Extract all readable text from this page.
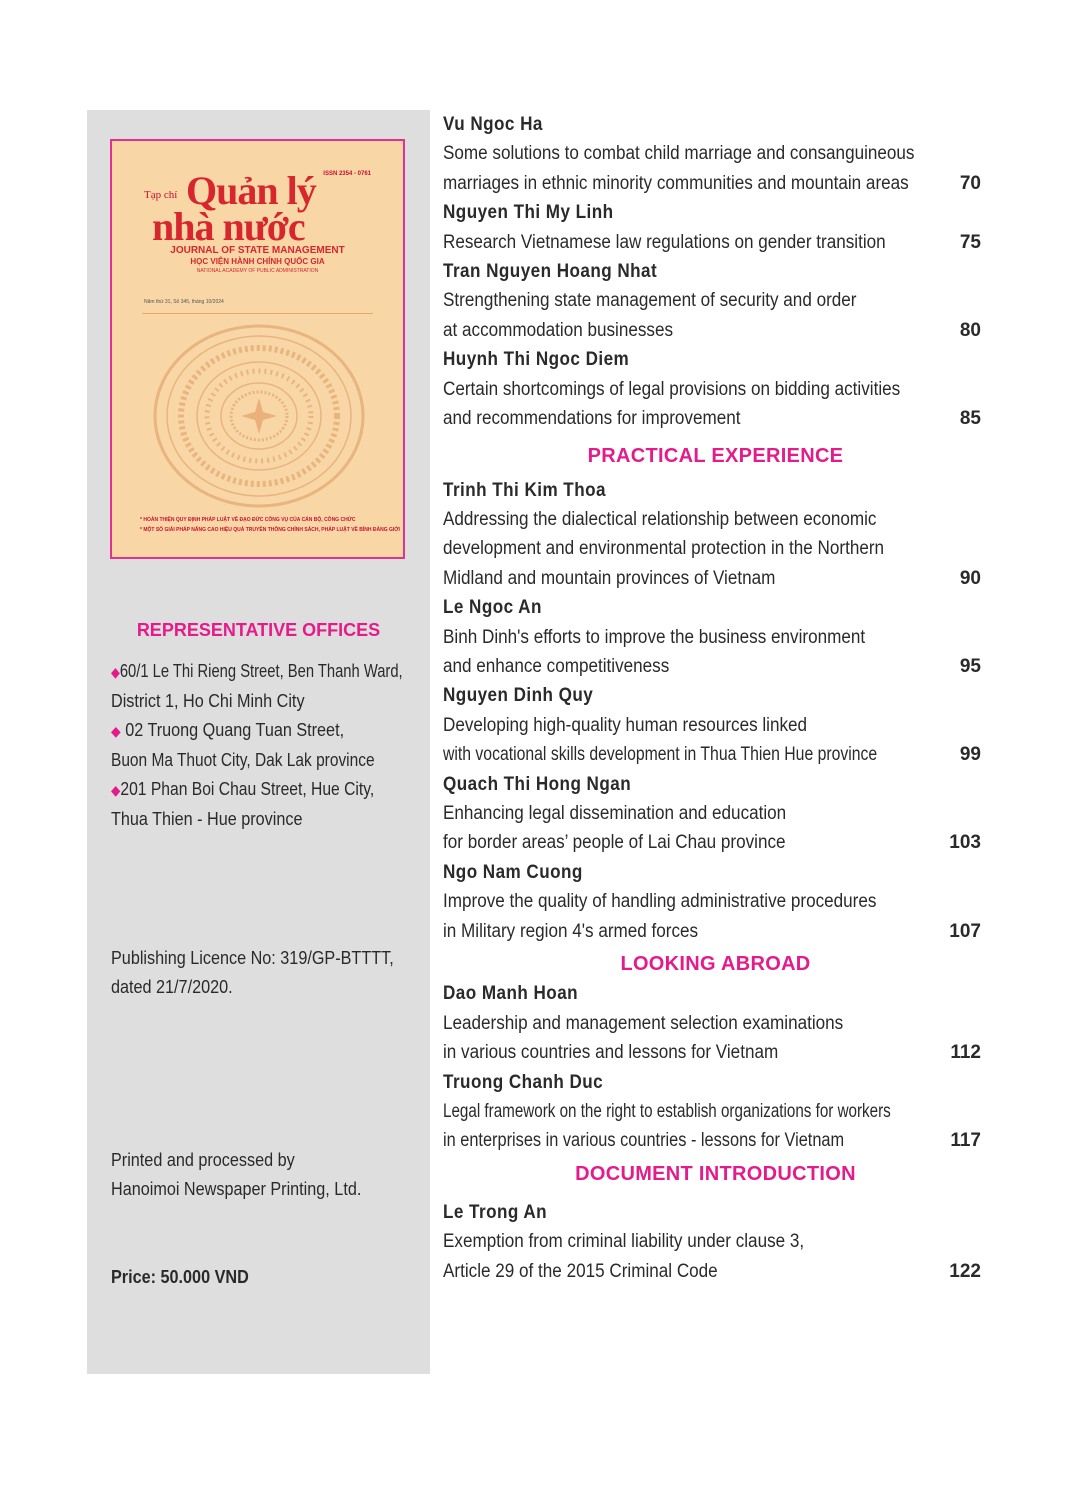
ISSN 2354 - 0761
Tạp chí Quản lý
nhà nước
JOURNAL OF STATE MANAGEMENT
HỌC VIỆN HÀNH CHÍNH QUỐC GIA
NATIONAL ACADEMY OF PUBLIC ADMINISTRATION
Năm thứ 31, Số 345, tháng 10/2024
* HOÀN THIỆN QUY ĐỊNH PHÁP LUẬT VỀ ĐẠO ĐỨC CÔNG VỤ CỦA CÁN BỘ, CÔNG CHỨC
* MỘT SỐ GIẢI PHÁP NÂNG CAO HIỆU QUẢ TRUYỀN THÔNG CHÍNH SÁCH, PHÁP LUẬT VỀ BÌNH ĐẲNG GIỚI
REPRESENTATIVE OFFICES
◆60/1 Le Thi Rieng Street, Ben Thanh Ward,
District 1, Ho Chi Minh City
◆ 02 Truong Quang Tuan Street,
Buon Ma Thuot City, Dak Lak province
◆201 Phan Boi Chau Street, Hue City,
Thua Thien - Hue province
Publishing Licence No: 319/GP-BTTTT,
dated 21/7/2020.
Printed and processed by
Hanoimoi Newspaper Printing, Ltd.
Price: 50.000 VND
Vu Ngoc Ha
Some solutions to combat child marriage and consanguineous
marriages in ethnic minority communities and mountain areas	70
Nguyen Thi My Linh
Research Vietnamese law regulations on gender transition	75
Tran Nguyen Hoang Nhat
Strengthening state management of security and order
at accommodation businesses	80
Huynh Thi Ngoc Diem
Certain shortcomings of legal provisions on bidding activities
and recommendations for improvement	85
PRACTICAL EXPERIENCE
Trinh Thi Kim Thoa
Addressing the dialectical relationship between economic
development and environmental protection in the Northern
Midland and mountain provinces of Vietnam	90
Le Ngoc An
Binh Dinh's efforts to improve the business environment
and enhance competitiveness	95
Nguyen Dinh Quy
Developing high-quality human resources linked
with vocational skills development in Thua Thien Hue province	99
Quach Thi Hong Ngan
Enhancing legal dissemination and education
for border areas’ people of Lai Chau province	103
Ngo Nam Cuong
Improve the quality of handling administrative procedures
in Military region 4's armed forces	107
LOOKING ABROAD
Dao Manh Hoan
Leadership and management selection examinations
in various countries and lessons for Vietnam	112
Truong Chanh Duc
Legal framework on the right to establish organizations for workers
in enterprises in various countries - lessons for Vietnam	117
DOCUMENT INTRODUCTION
Le Trong An
Exemption from criminal liability under clause 3,
Article 29 of the 2015 Criminal Code	122
